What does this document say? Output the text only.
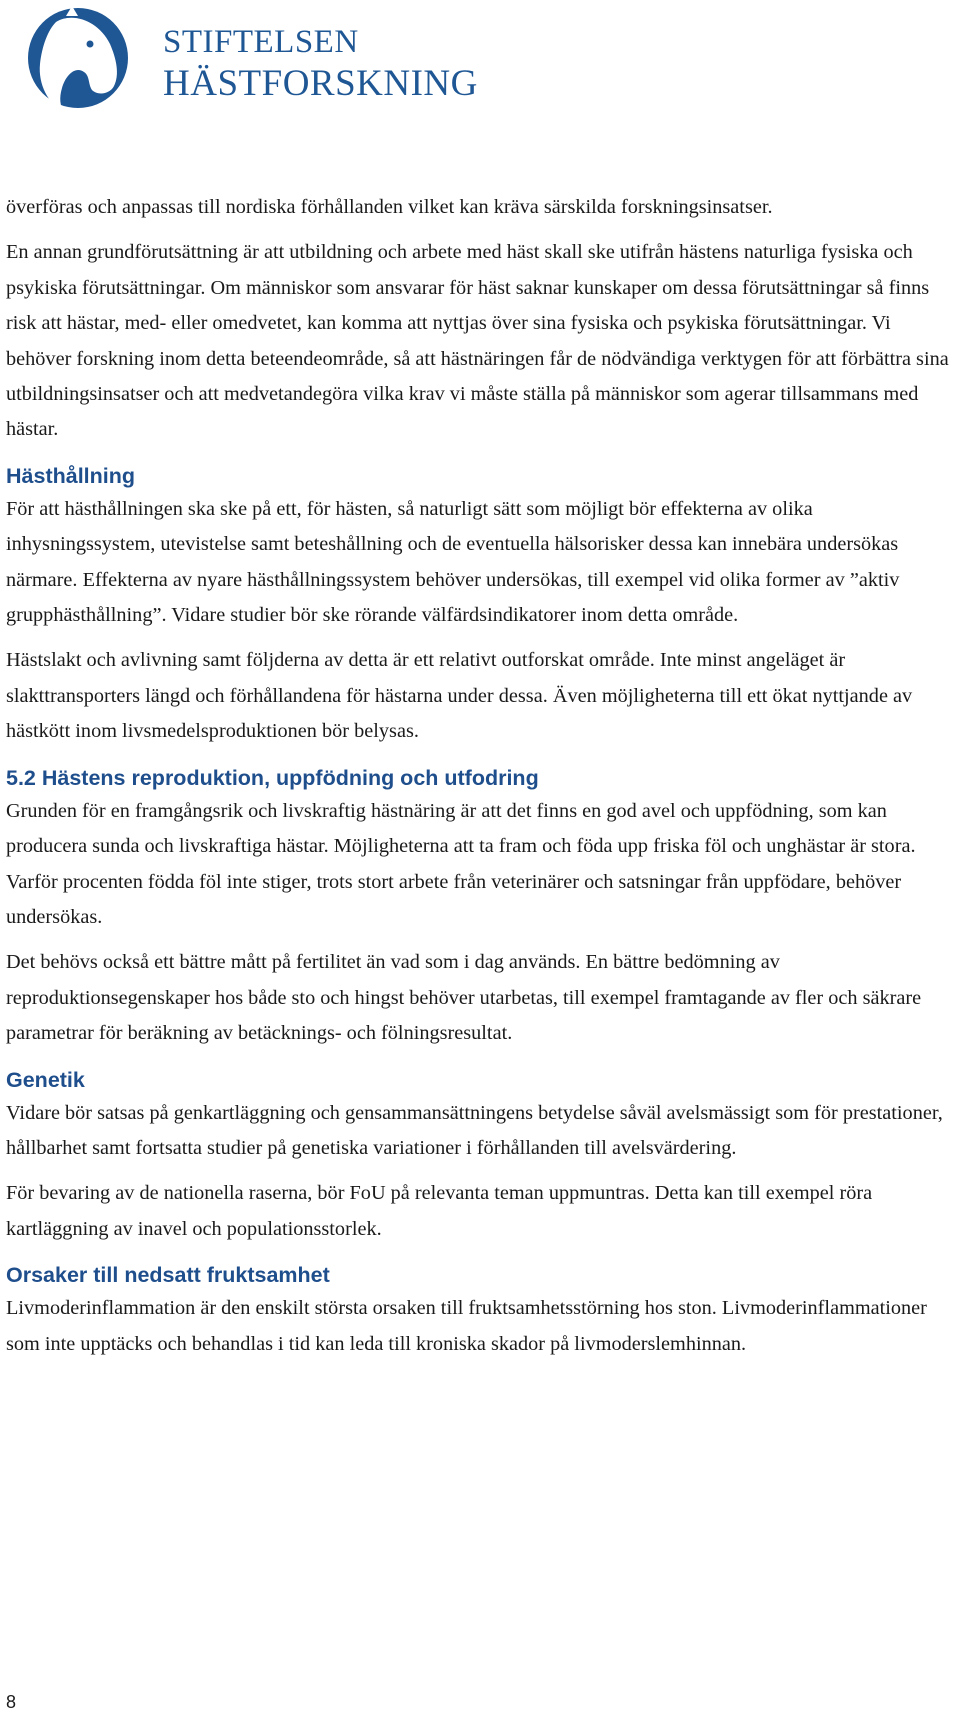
STIFTELSEN
HÄSTFORSKNING

överföras och anpassas till nordiska förhållanden vilket kan kräva särskilda forskningsinsatser.

En annan grundförutsättning är att utbildning och arbete med häst skall ske utifrån hästens naturliga fysiska och psykiska förutsättningar. Om människor som ansvarar för häst saknar kunskaper om dessa förutsättningar så finns risk att hästar, med- eller omedvetet, kan komma att nyttjas över sina fysiska och psykiska förutsättningar. Vi behöver forskning inom detta beteendeområde, så att hästnäringen får de nödvändiga verktygen för att förbättra sina utbildningsinsatser och att medvetandegöra vilka krav vi måste ställa på människor som agerar tillsammans med hästar.

Hästhållning

För att hästhållningen ska ske på ett, för hästen, så naturligt sätt som möjligt bör effekterna av olika inhysningssystem, utevistelse samt beteshållning och de eventuella hälsorisker dessa kan innebära undersökas närmare. Effekterna av nyare hästhållningssystem behöver undersökas, till exempel vid olika former av ”aktiv grupphästhållning”. Vidare studier bör ske rörande välfärdsindikatorer inom detta område.

Hästslakt och avlivning samt följderna av detta är ett relativt outforskat område. Inte minst angeläget är slakttransporters längd och förhållandena för hästarna under dessa. Även möjligheterna till ett ökat nyttjande av hästkött inom livsmedelsproduktionen bör belysas.

5.2 Hästens reproduktion, uppfödning och utfodring

Grunden för en framgångsrik och livskraftig hästnäring är att det finns en god avel och uppfödning, som kan producera sunda och livskraftiga hästar. Möjligheterna att ta fram och föda upp friska föl och unghästar är stora. Varför procenten födda föl inte stiger, trots stort arbete från veterinärer och satsningar från uppfödare, behöver undersökas.

Det behövs också ett bättre mått på fertilitet än vad som i dag används. En bättre bedömning av reproduktionsegenskaper hos både sto och hingst behöver utarbetas, till exempel framtagande av fler och säkrare parametrar för beräkning av betäcknings- och fölningsresultat.

Genetik

Vidare bör satsas på genkartläggning och gensammansättningens betydelse såväl avelsmässigt som för prestationer, hållbarhet samt fortsatta studier på genetiska variationer i förhållanden till avelsvärdering.

För bevaring av de nationella raserna, bör FoU på relevanta teman uppmuntras. Detta kan till exempel röra kartläggning av inavel och populationsstorlek.

Orsaker till nedsatt fruktsamhet

Livmoderinflammation är den enskilt största orsaken till fruktsamhetsstörning hos ston. Livmoderinflammationer som inte upptäcks och behandlas i tid kan leda till kroniska skador på livmoderslemhinnan.

8
